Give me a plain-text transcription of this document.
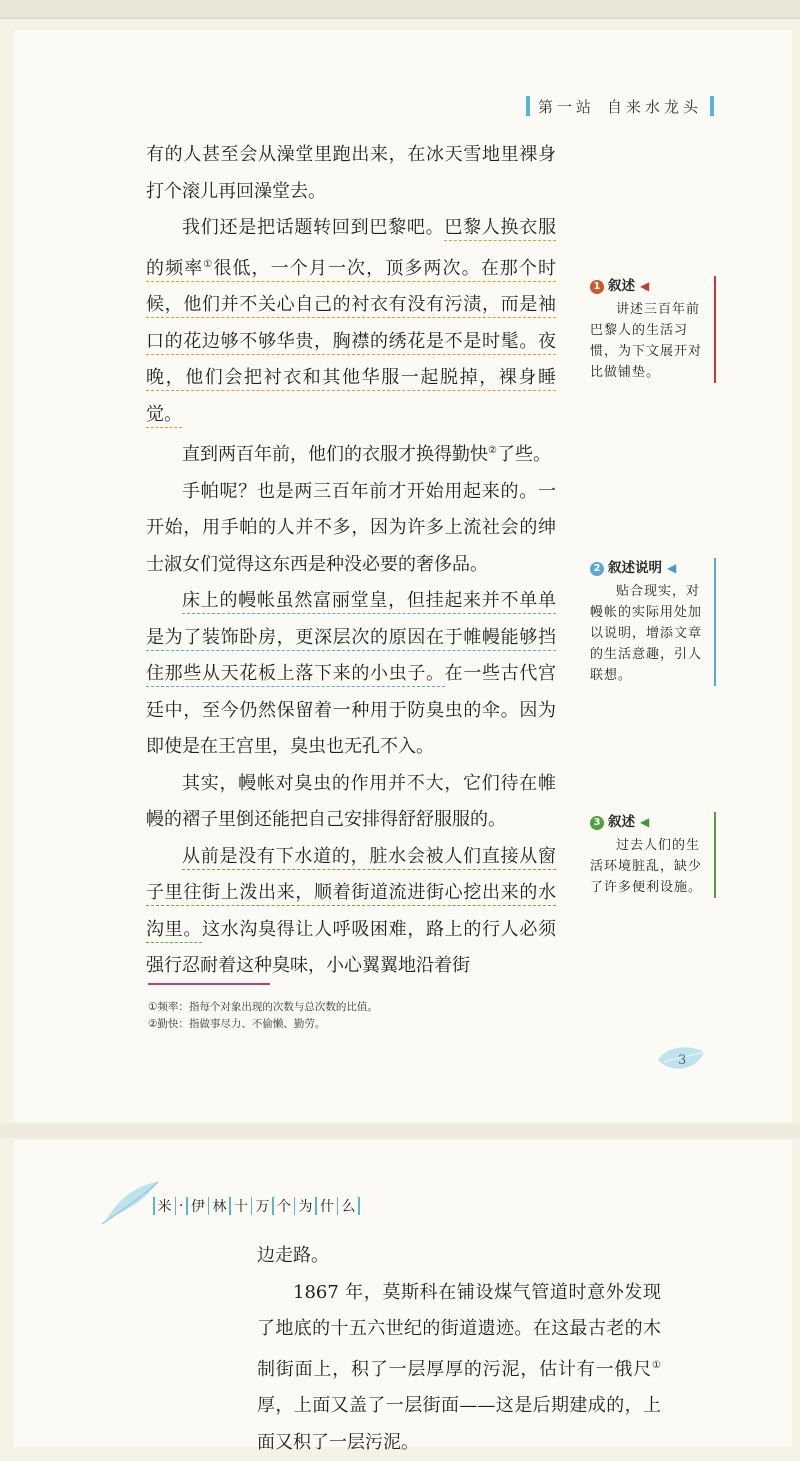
第一站 自来水龙头

有的人甚至会从澡堂里跑出来，在冰天雪地里裸身打个滚儿再回澡堂去。

我们还是把话题转回到巴黎吧。巴黎人换衣服的频率①很低，一个月一次，顶多两次。在那个时候，他们并不关心自己的衬衣有没有污渍，而是袖口的花边够不够华贵，胸襟的绣花是不是时髦。夜晚，他们会把衬衣和其他华服一起脱掉，裸身睡觉。

直到两百年前，他们的衣服才换得勤快②了些。

手帕呢？也是两三百年前才开始用起来的。一开始，用手帕的人并不多，因为许多上流社会的绅士淑女们觉得这东西是种没必要的奢侈品。

床上的幔帐虽然富丽堂皇，但挂起来并不单单是为了装饰卧房，更深层次的原因在于帷幔能够挡住那些从天花板上落下来的小虫子。在一些古代宫廷中，至今仍然保留着一种用于防臭虫的伞。因为即使是在王宫里，臭虫也无孔不入。

其实，幔帐对臭虫的作用并不大，它们待在帷幔的褶子里倒还能把自己安排得舒舒服服的。

从前是没有下水道的，脏水会被人们直接从窗子里往街上泼出来，顺着街道流进街心挖出来的水沟里。这水沟臭得让人呼吸困难，路上的行人必须强行忍耐着这种臭味，小心翼翼地沿着街

1 叙述 ◀
讲述三百年前巴黎人的生活习惯，为下文展开对比做铺垫。
2 叙述说明 ◀
贴合现实，对幔帐的实际用处加以说明，增添文章的生活意趣，引人联想。
3 叙述 ◀
过去人们的生活环境脏乱，缺少了许多便利设施。
①频率：指每个对象出现的次数与总次数的比值。
②勤快：指做事尽力、不偷懒、勤劳。
3
米 · 伊 林 十 万 个 为 什 么

边走路。

1867 年，莫斯科在铺设煤气管道时意外发现了地底的十五六世纪的街道遗迹。在这最古老的木制街面上，积了一层厚厚的污泥，估计有一俄尺①厚，上面又盖了一层街面——这是后期建成的，上面又积了一层污泥。
